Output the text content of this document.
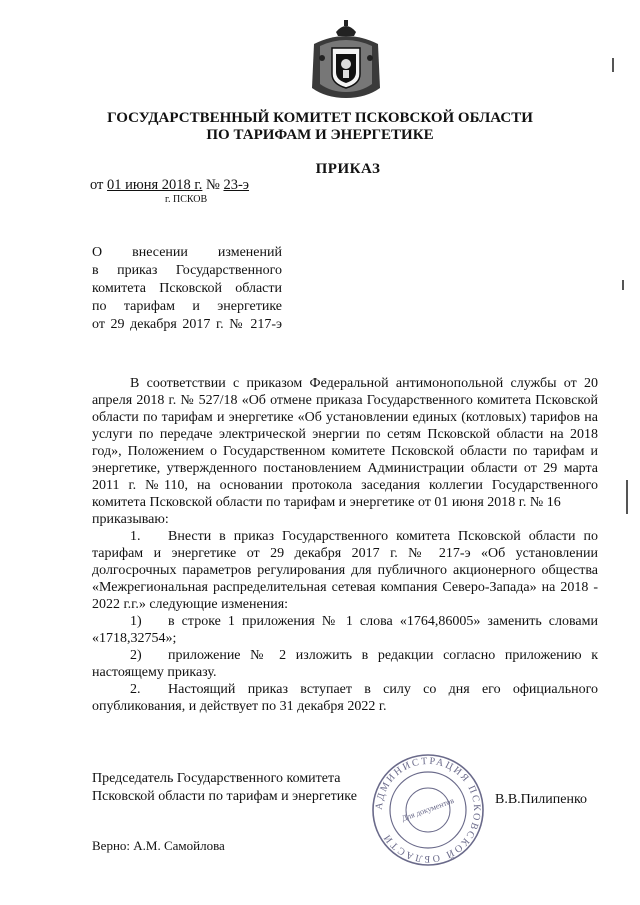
ГОСУДАРСТВЕННЫЙ КОМИТЕТ ПСКОВСКОЙ ОБЛАСТИ
ПО ТАРИФАМ И ЭНЕРГЕТИКЕ
ПРИКАЗ
от 01 июня 2018 г. № 23-э
г. ПСКОВ
О внесении изменений
в приказ Государственного
комитета Псковской области
по тарифам и энергетике
от 29 декабря 2017 г. № 217-э

В соответствии с приказом Федеральной антимонопольной службы от 20 апреля 2018 г. № 527/18 «Об отмене приказа Государственного комитета Псковской области по тарифам и энергетике «Об установлении единых (котловых) тарифов на услуги по передаче электрической энергии по сетям Псковской области на 2018 год», Положением о Государственном комитете Псковской области по тарифам и энергетике, утвержденного постановлением Администрации области от 29 марта 2011 г. №110, на основании протокола заседания коллегии Государственного комитета Псковской области по тарифам и энергетике от 01 июня 2018 г. № 16

приказываю:

1. Внести в приказ Государственного комитета Псковской области по тарифам и энергетике от 29 декабря 2017 г. № 217-э «Об установлении долгосрочных параметров регулирования для публичного акционерного общества «Межрегиональная распределительная сетевая компания Северо-Запада» на 2018 - 2022 г.г.» следующие изменения:

1) в строке 1 приложения № 1 слова «1764,86005» заменить словами «1718,32754»;

2) приложение № 2 изложить в редакции согласно приложению к настоящему приказу.

2. Настоящий приказ вступает в силу со дня его официального опубликования, и действует по 31 декабря 2022 г.

Председатель Государственного комитета
Псковской области по тарифам и энергетике
АДМИНИСТРАЦИЯ ПСКОВСКОЙ ОБЛАСТИ
Для документов	В.В.Пилипенко
Верно: А.М. Самойлова
